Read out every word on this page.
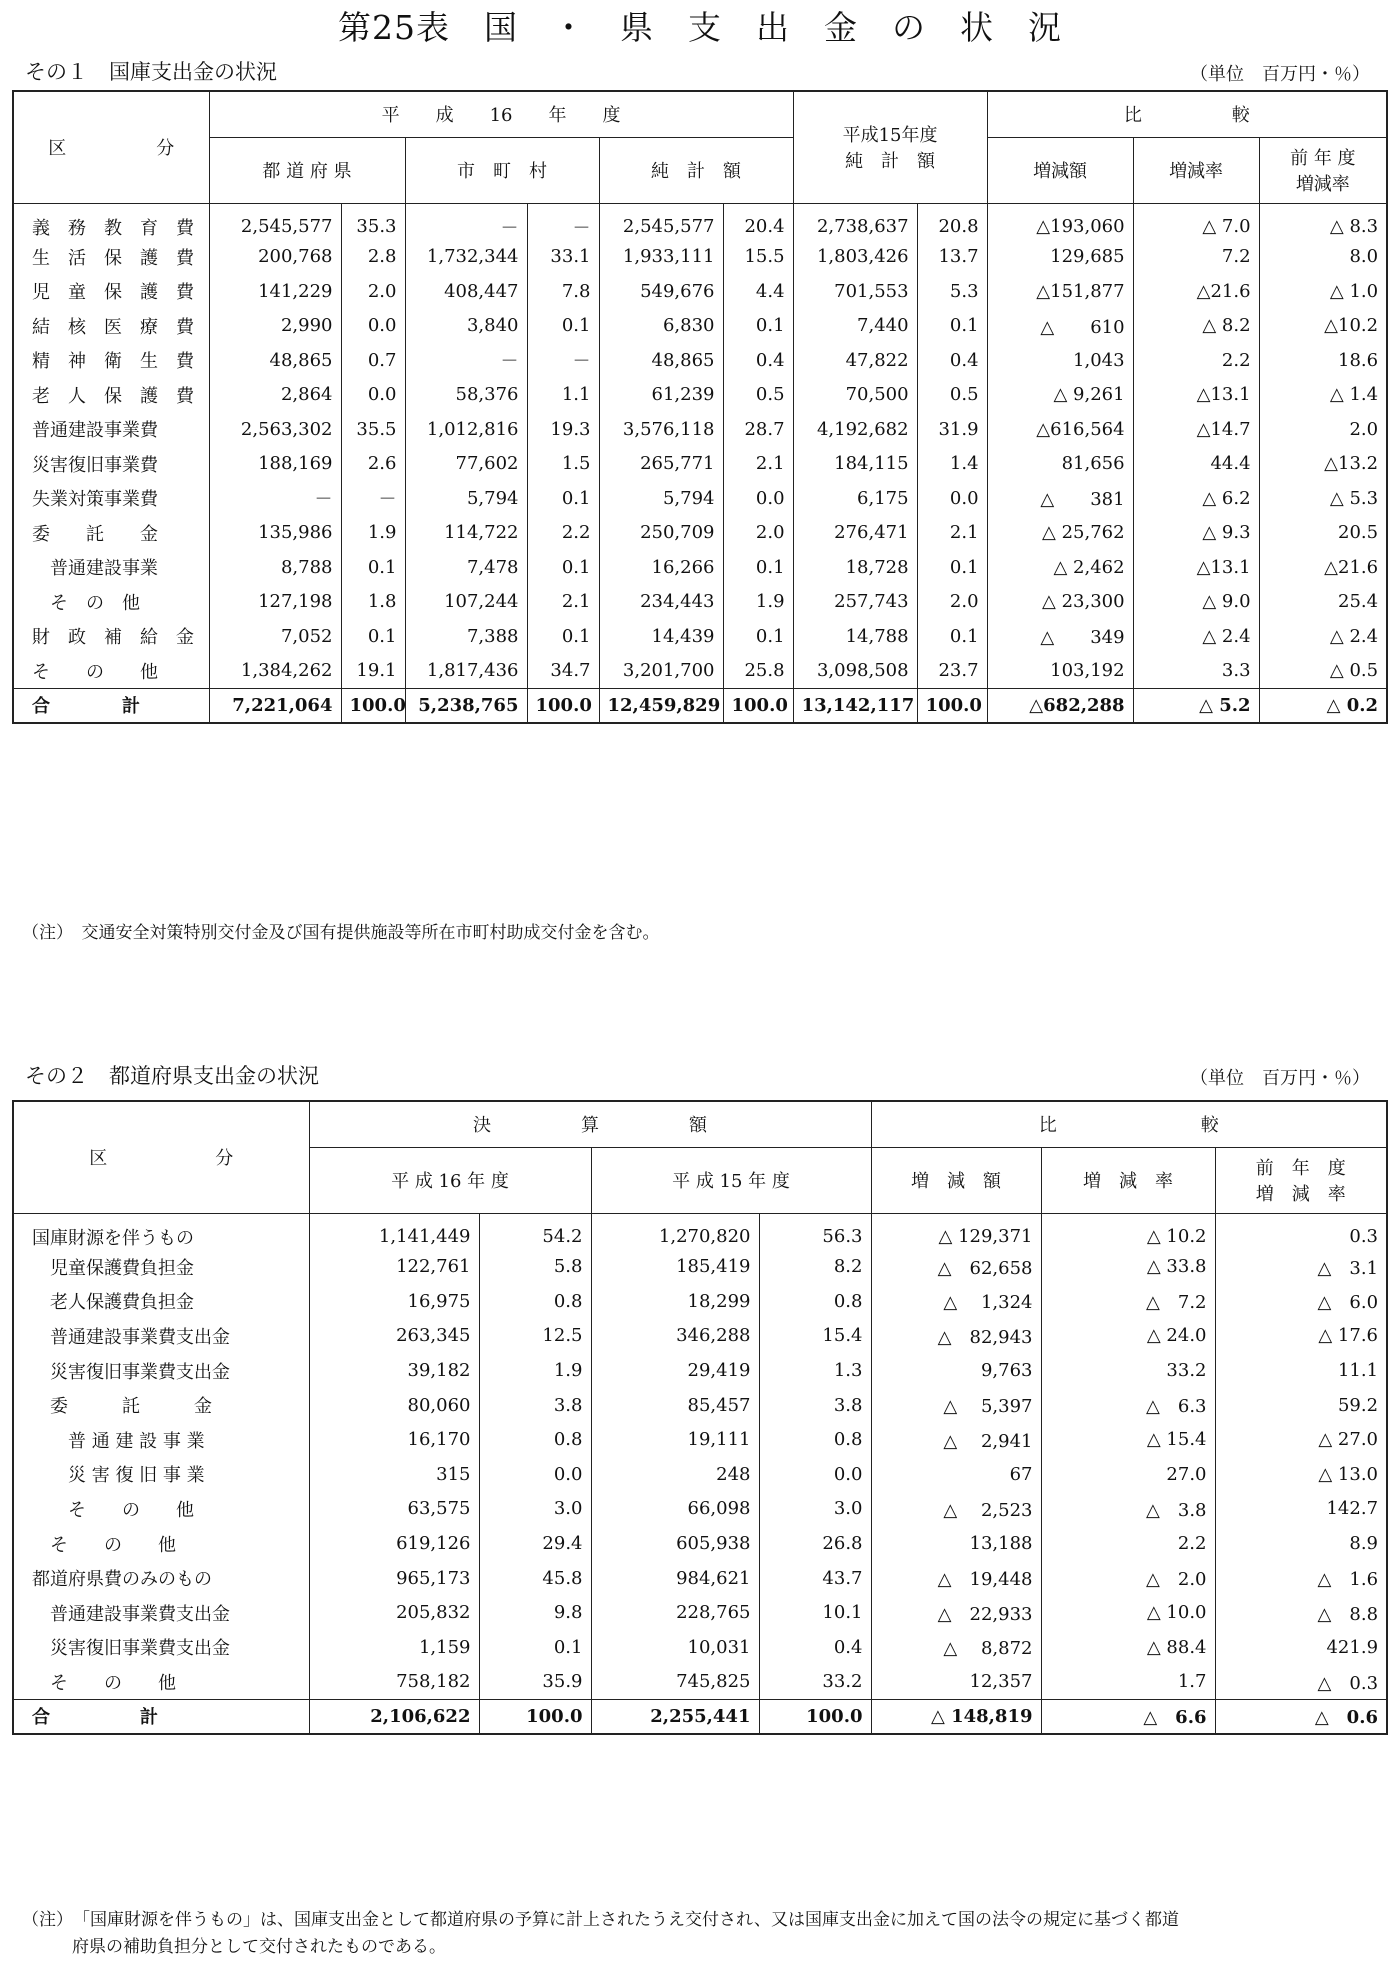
第25表　国　・　県　支　出　金　の　状　況
その１　国庫支出金の状況	（単位　百万円・％）
区　　　　　分	平　　成　　16　　年　　度						平成15年度
純　計　額		比　　　　　較		
	都 道 府 県		市　町　村		純　計　額				増減額	増減率	前 年 度
増減率

義　務　教　育　費	2,545,577	35.3	－	－	2,545,577	20.4	2,738,637	20.8	△193,060	△ 7.0	△ 8.3
生　活　保　護　費	200,768	2.8	1,732,344	33.1	1,933,111	15.5	1,803,426	13.7	129,685	7.2	8.0
児　童　保　護　費	141,229	2.0	408,447	7.8	549,676	4.4	701,553	5.3	△151,877	△21.6	△ 1.0
結　核　医　療　費	2,990	0.0	3,840	0.1	6,830	0.1	7,440	0.1	△　　610	△ 8.2	△10.2
精　神　衛　生　費	48,865	0.7	－	－	48,865	0.4	47,822	0.4	1,043	2.2	18.6
老　人　保　護　費	2,864	0.0	58,376	1.1	61,239	0.5	70,500	0.5	△ 9,261	△13.1	△ 1.4
普通建設事業費	2,563,302	35.5	1,012,816	19.3	3,576,118	28.7	4,192,682	31.9	△616,564	△14.7	2.0
災害復旧事業費	188,169	2.6	77,602	1.5	265,771	2.1	184,115	1.4	81,656	44.4	△13.2
失業対策事業費	－	－	5,794	0.1	5,794	0.0	6,175	0.0	△　　381	△ 6.2	△ 5.3
委　　託　　金	135,986	1.9	114,722	2.2	250,709	2.0	276,471	2.1	△ 25,762	△ 9.3	20.5
　普通建設事業	8,788	0.1	7,478	0.1	16,266	0.1	18,728	0.1	△ 2,462	△13.1	△21.6
　そ　の　他	127,198	1.8	107,244	2.1	234,443	1.9	257,743	2.0	△ 23,300	△ 9.0	25.4
財　政　補　給　金	7,052	0.1	7,388	0.1	14,439	0.1	14,788	0.1	△　　349	△ 2.4	△ 2.4
そ　　の　　他	1,384,262	19.1	1,817,436	34.7	3,201,700	25.8	3,098,508	23.7	103,192	3.3	△ 0.5
合　　　　計	7,221,064	100.0	5,238,765	100.0	12,459,829	100.0	13,142,117	100.0	△682,288	△ 5.2	△ 0.2
（注）　交通安全対策特別交付金及び国有提供施設等所在市町村助成交付金を含む。
その２　都道府県支出金の状況	（単位　百万円・％）
区　　　　　　分	決　　　　　算　　　　　額				比　　　　　　　　較		
	平 成 16 年 度		平 成 15 年 度		増　減　額	増　減　率	前　年　度
増　減　率

国庫財源を伴うもの	1,141,449	54.2	1,270,820	56.3	△ 129,371	△ 10.2	0.3
　児童保護費負担金	122,761	5.8	185,419	8.2	△　62,658	△ 33.8	△　3.1
　老人保護費負担金	16,975	0.8	18,299	0.8	△　 1,324	△　7.2	△　6.0
　普通建設事業費支出金	263,345	12.5	346,288	15.4	△　82,943	△ 24.0	△ 17.6
　災害復旧事業費支出金	39,182	1.9	29,419	1.3	9,763	33.2	11.1
　委　　　託　　　金	80,060	3.8	85,457	3.8	△　 5,397	△　6.3	59.2
　　普 通 建 設 事 業	16,170	0.8	19,111	0.8	△　 2,941	△ 15.4	△ 27.0
　　災 害 復 旧 事 業	315	0.0	248	0.0	67	27.0	△ 13.0
　　そ　　の　　他	63,575	3.0	66,098	3.0	△　 2,523	△　3.8	142.7
　そ　　の　　他	619,126	29.4	605,938	26.8	13,188	2.2	8.9
都道府県費のみのもの	965,173	45.8	984,621	43.7	△　19,448	△　2.0	△　1.6
　普通建設事業費支出金	205,832	9.8	228,765	10.1	△　22,933	△ 10.0	△　8.8
　災害復旧事業費支出金	1,159	0.1	10,031	0.4	△　 8,872	△ 88.4	421.9
　そ　　の　　他	758,182	35.9	745,825	33.2	12,357	1.7	△　0.3
合　　　　　計	2,106,622	100.0	2,255,441	100.0	△ 148,819	△　6.6	△　0.6
（注）　「国庫財源を伴うもの」は、国庫支出金として都道府県の予算に計上されたうえ交付され、又は国庫支出金に加えて国の法令の規定に基づく都道
府県の補助負担分として交付されたものである。
